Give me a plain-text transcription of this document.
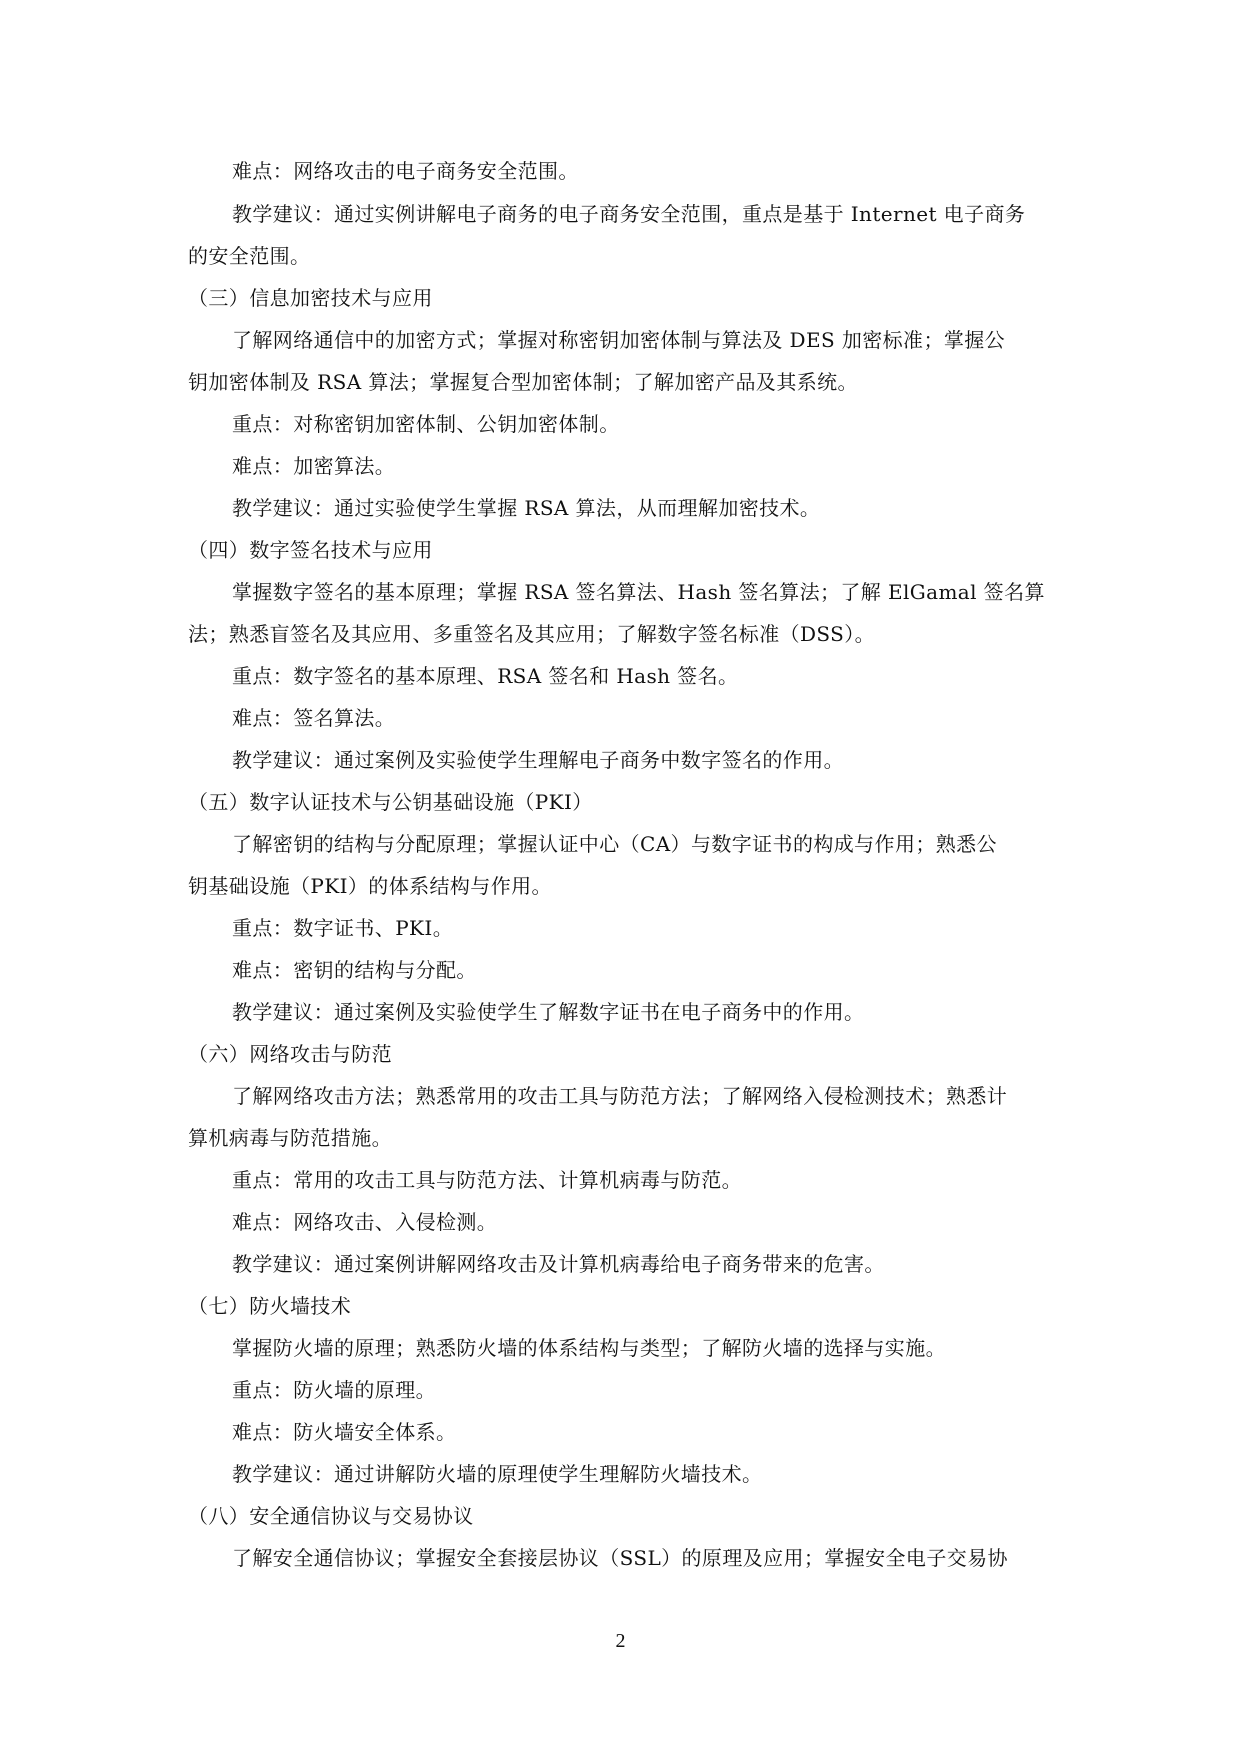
难点：网络攻击的电子商务安全范围。
教学建议：通过实例讲解电子商务的电子商务安全范围，重点是基于 Internet 电子商务
的安全范围。
（三）信息加密技术与应用
了解网络通信中的加密方式；掌握对称密钥加密体制与算法及 DES 加密标准；掌握公
钥加密体制及 RSA 算法；掌握复合型加密体制；了解加密产品及其系统。
重点：对称密钥加密体制、公钥加密体制。
难点：加密算法。
教学建议：通过实验使学生掌握 RSA 算法，从而理解加密技术。
（四）数字签名技术与应用
掌握数字签名的基本原理；掌握 RSA 签名算法、Hash 签名算法；了解 ElGamal 签名算
法；熟悉盲签名及其应用、多重签名及其应用；了解数字签名标准（DSS）。
重点：数字签名的基本原理、RSA 签名和 Hash 签名。
难点：签名算法。
教学建议：通过案例及实验使学生理解电子商务中数字签名的作用。
（五）数字认证技术与公钥基础设施（PKI）
了解密钥的结构与分配原理；掌握认证中心（CA）与数字证书的构成与作用；熟悉公
钥基础设施（PKI）的体系结构与作用。
重点：数字证书、PKI。
难点：密钥的结构与分配。
教学建议：通过案例及实验使学生了解数字证书在电子商务中的作用。
（六）网络攻击与防范
了解网络攻击方法；熟悉常用的攻击工具与防范方法；了解网络入侵检测技术；熟悉计
算机病毒与防范措施。
重点：常用的攻击工具与防范方法、计算机病毒与防范。
难点：网络攻击、入侵检测。
教学建议：通过案例讲解网络攻击及计算机病毒给电子商务带来的危害。
（七）防火墙技术
掌握防火墙的原理；熟悉防火墙的体系结构与类型；了解防火墙的选择与实施。
重点：防火墙的原理。
难点：防火墙安全体系。
教学建议：通过讲解防火墙的原理使学生理解防火墙技术。
（八）安全通信协议与交易协议
了解安全通信协议；掌握安全套接层协议（SSL）的原理及应用；掌握安全电子交易协
2
